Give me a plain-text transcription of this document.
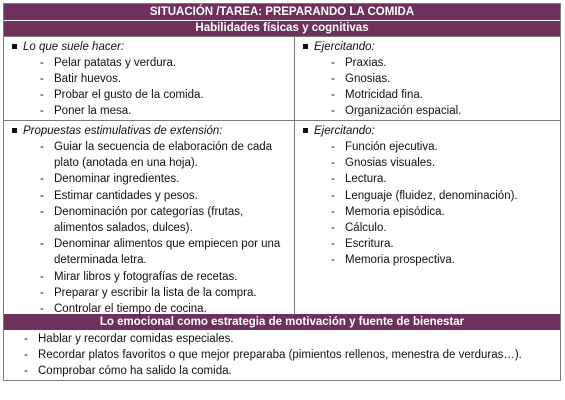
SITUACIÓN /TAREA: PREPARANDO LA COMIDA
Habilidades físicas y cognitivas
Lo que suele hacer:
- Pelar patatas y verdura.
- Batir huevos.
- Probar el gusto de la comida.
- Poner la mesa.
Ejercitando:
- Praxias.
- Gnosias.
- Motricidad fina.
- Organización espacial.
Propuestas estimulativas de extensión:
- Guiar la secuencia de elaboración de cada plato (anotada en una hoja).
- Denominar ingredientes.
- Estimar cantidades y pesos.
- Denominación por categorías (frutas, alimentos salados, dulces).
- Denominar alimentos que empiecen por una determinada letra.
- Mirar libros y fotografías de recetas.
- Preparar y escribir la lista de la compra.
- Controlar el tiempo de cocina.
Ejercitando:
- Función ejecutiva.
- Gnosias visuales.
- Lectura.
- Lenguaje (fluidez, denominación).
- Memoria episódica.
- Cálculo.
- Escritura.
- Memoria prospectiva.
Lo emocional como estrategia de motivación y fuente de bienestar
- Hablar y recordar comidas especiales.
- Recordar platos favoritos o que mejor preparaba (pimientos rellenos, menestra de verduras…).
- Comprobar cómo ha salido la comida.
